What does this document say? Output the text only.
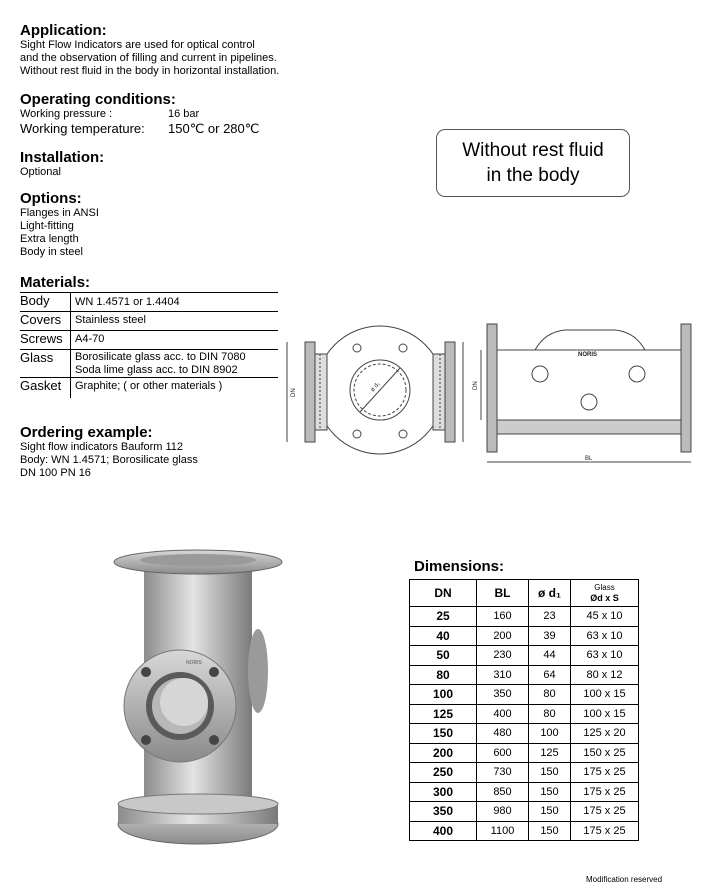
Application:
Sight Flow Indicators are used for optical control
and the observation of filling and current in pipelines.
Without rest fluid in the body in horizontal installation.
Operating conditions:
Working pressure :	16 bar
Working temperature: 150℃ or 280℃
Installation:
Optional
Options:
Flanges in ANSI
Light-fitting
Extra length
Body in steel
Materials:
Body	WN 1.4571 or 1.4404
Covers	Stainless steel
Screws	A4-70
Glass	Borosilicate glass acc. to DIN 7080
Soda lime glass acc. to DIN 8902

Gasket	Graphite; ( or other materials )
Ordering example:
Sight flow indicators Bauform 112
Body: WN 1.4571; Borosilicate glass
DN 100 PN 16
Without rest fluid
in the body
ø d₁
DN
DN
BL
NORIS
NORIS
Dimensions:
DN	BL	ø d₁	Glass
Ød x S
25	160	23	45 x 10
40	200	39	63 x 10
50	230	44	63 x 10
80	310	64	80 x 12
100	350	80	100 x 15
125	400	80	100 x 15
150	480	100	125 x 20
200	600	125	150 x 25
250	730	150	175 x 25
300	850	150	175 x 25
350	980	150	175 x 25
400	1100	150	175 x 25
Modification reserved
